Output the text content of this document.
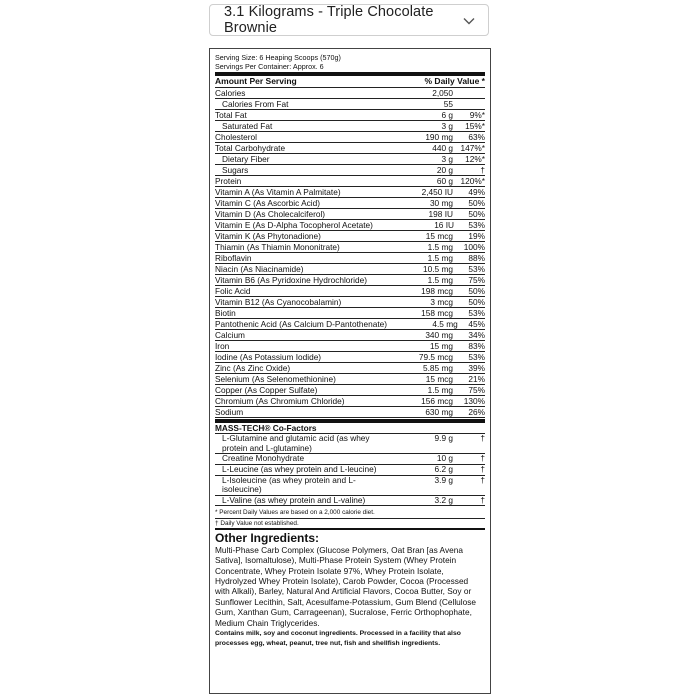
3.1 Kilograms - Triple Chocolate Brownie
Serving Size: 6 Heaping Scoops (570g)
Servings Per Container: Approx. 6
Amount Per Serving	% Daily Value *
Calories	2,050
Calories From Fat	55
Total Fat	6 g	9%*
Saturated Fat	3 g	15%*
Cholesterol	190 mg	63%
Total Carbohydrate	440 g 147%*
Dietary Fiber	3 g	12%*
Sugars	20 g	†
Protein	60 g 120%*
Vitamin A (As Vitamin A Palmitate)	2,450 IU	49%
Vitamin C (As Ascorbic Acid)	30 mg	50%
Vitamin D (As Cholecalciferol)	198 IU	50%
Vitamin E (As D-Alpha Tocopherol Acetate)	16 IU	53%
Vitamin K (As Phytonadione)	15 mcg	19%
Thiamin (As Thiamin Mononitrate)	1.5 mg	100%
Riboflavin	1.5 mg	88%
Niacin (As Niacinamide)	10.5 mg	53%
Vitamin B6 (As Pyridoxine Hydrochloride)	1.5 mg	75%
Folic Acid	198 mcg	50%
Vitamin B12 (As Cyanocobalamin)	3 mcg	50%
Biotin	158 mcg	53%
Pantothenic Acid (As Calcium D-Pantothenate)	4.5 mg	45%
Calcium	340 mg	34%
Iron	15 mg	83%
Iodine (As Potassium Iodide)	79.5 mcg	53%
Zinc (As Zinc Oxide)	5.85 mg	39%
Selenium (As Selenomethionine)	15 mcg	21%
Copper (As Copper Sulfate)	1.5 mg	75%
Chromium (As Chromium Chloride)	156 mcg	130%
Sodium	630 mg	26%
MASS-TECH® Co-Factors
L-Glutamine and glutamic acid (as whey protein and L-glutamine)
9.9 g	†
Creatine Monohydrate	10 g	†
L-Leucine (as whey protein and L-leucine)	6.2 g	†
L-Isoleucine (as whey protein and L-isoleucine)
3.9 g	†
L-Valine (as whey protein and L-valine)	3.2 g	†
* Percent Daily Values are based on a 2,000 calorie diet.
† Daily Value not established.
Other Ingredients:
Multi-Phase Carb Complex (Glucose Polymers, Oat Bran [as Avena Sativa], Isomaltulose), Multi-Phase Protein System (Whey Protein Concentrate, Whey Protein Isolate 97%, Whey Protein Isolate, Hydrolyzed Whey Protein Isolate), Carob Powder, Cocoa (Processed with Alkali), Barley, Natural And Artificial Flavors, Cocoa Butter, Soy or Sunflower Lecithin, Salt, Acesulfame-Potassium, Gum Blend (Cellulose Gum, Xanthan Gum, Carrageenan), Sucralose, Ferric Orthophophate, Medium Chain Triglycerides.
Contains milk, soy and coconut ingredients. Processed in a facility that also processes egg, wheat, peanut, tree nut, fish and shellfish ingredients.
